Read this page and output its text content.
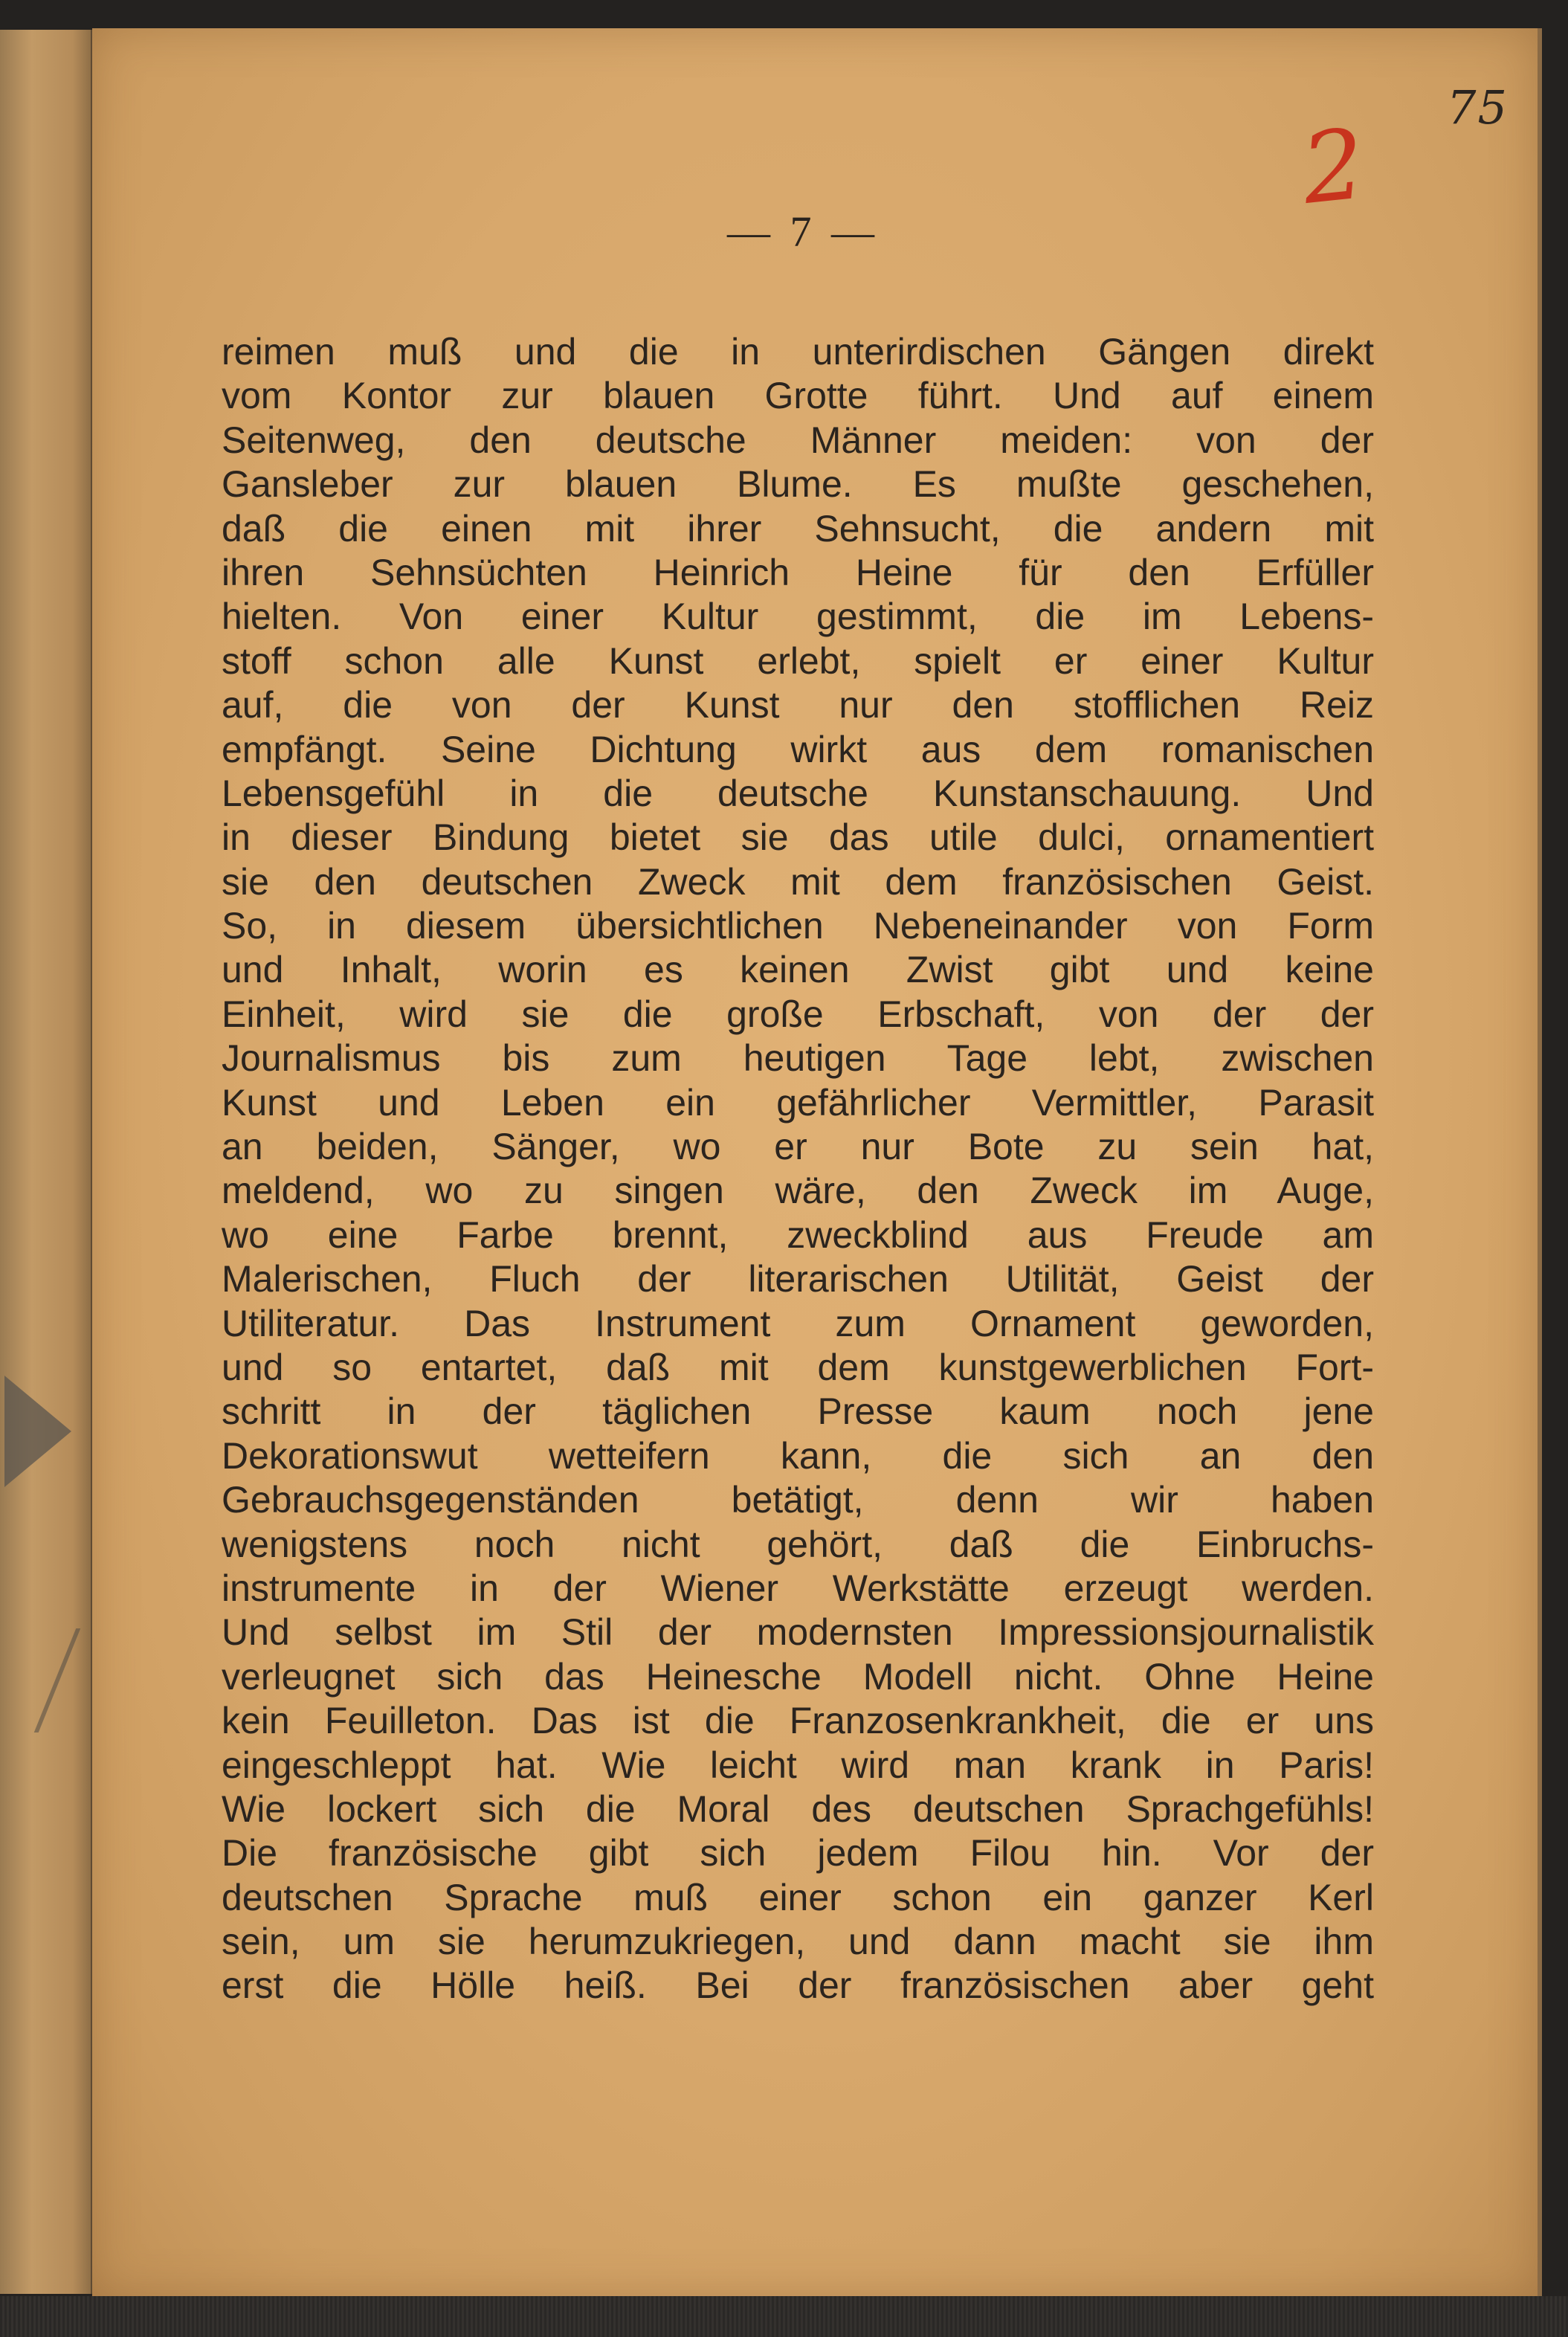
75
2
— 7 —
reimen muß und die in unterirdischen Gängen direkt
vom Kontor zur blauen Grotte führt. Und auf einem
Seitenweg, den deutsche Männer meiden: von der
Gansleber zur blauen Blume. Es mußte geschehen,
daß die einen mit ihrer Sehnsucht, die andern mit
ihren Sehnsüchten Heinrich Heine für den Erfüller
hielten. Von einer Kultur gestimmt, die im Lebens-
stoff schon alle Kunst erlebt, spielt er einer Kultur
auf, die von der Kunst nur den stofflichen Reiz
empfängt. Seine Dichtung wirkt aus dem romanischen
Lebensgefühl in die deutsche Kunstanschauung. Und
in dieser Bindung bietet sie das utile dulci, ornamentiert
sie den deutschen Zweck mit dem französischen Geist.
So, in diesem übersichtlichen Nebeneinander von Form
und Inhalt, worin es keinen Zwist gibt und keine
Einheit, wird sie die große Erbschaft, von der der
Journalismus bis zum heutigen Tage lebt, zwischen
Kunst und Leben ein gefährlicher Vermittler, Parasit
an beiden, Sänger, wo er nur Bote zu sein hat,
meldend, wo zu singen wäre, den Zweck im Auge,
wo eine Farbe brennt, zweckblind aus Freude am
Malerischen, Fluch der literarischen Utilität, Geist der
Utiliteratur. Das Instrument zum Ornament geworden,
und so entartet, daß mit dem kunstgewerblichen Fort-
schritt in der täglichen Presse kaum noch jene
Dekorationswut wetteifern kann, die sich an den
Gebrauchsgegenständen betätigt, denn wir haben
wenigstens noch nicht gehört, daß die Einbruchs-
instrumente in der Wiener Werkstätte erzeugt werden.
Und selbst im Stil der modernsten Impressionsjournalistik
verleugnet sich das Heinesche Modell nicht. Ohne Heine
kein Feuilleton. Das ist die Franzosenkrankheit, die er uns
eingeschleppt hat. Wie leicht wird man krank in Paris!
Wie lockert sich die Moral des deutschen Sprachgefühls!
Die französische gibt sich jedem Filou hin. Vor der
deutschen Sprache muß einer schon ein ganzer Kerl
sein, um sie herumzukriegen, und dann macht sie ihm
erst die Hölle heiß. Bei der französischen aber geht
